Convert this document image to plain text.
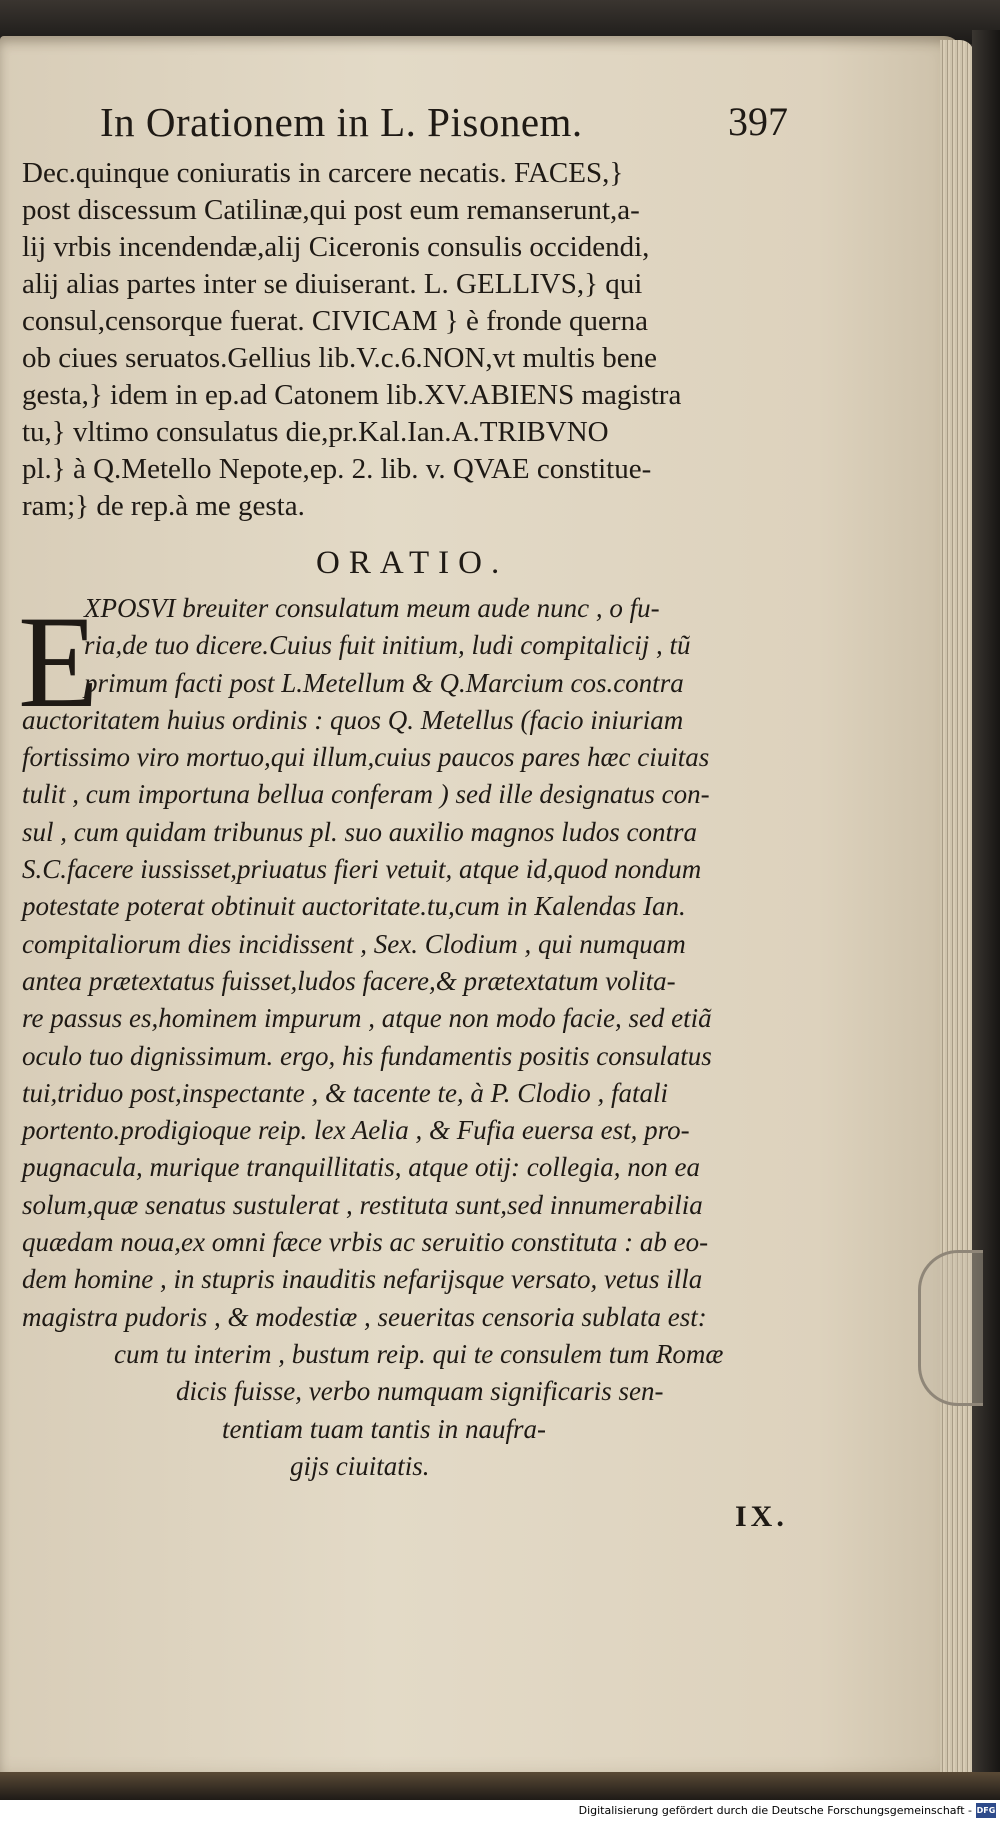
In Orationem in L. Pisonem.	397
Dec.quinque coniuratis in carcere necatis. FACES,}
post discessum Catilinæ,qui post eum remanserunt,a-
lij vrbis incendendæ,alij Ciceronis consulis occidendi,
alij alias partes inter se diuiserant. L. GELLIVS,} qui
consul,censorque fuerat. CIVICAM } è fronde querna
ob ciues seruatos.Gellius lib.V.c.6.NON,vt multis bene
gesta,} idem in ep.ad Catonem lib.XV.ABIENS magistra
tu,} vltimo consulatus die,pr.Kal.Ian.A.TRIBVNO
pl.} à Q.Metello Nepote,ep. 2. lib. v. QVAE constitue-
ram;} de rep.à me gesta.
ORATIO.
E
XPOSVI breuiter consulatum meum aude nunc , o fu-
ria,de tuo dicere.Cuius fuit initium, ludi compitalicij , tũ
primum facti post L.Metellum & Q.Marcium cos.contra
auctoritatem huius ordinis : quos Q. Metellus (facio iniuriam
fortissimo viro mortuo,qui illum,cuius paucos pares hæc ciuitas
tulit , cum importuna bellua conferam ) sed ille designatus con-
sul , cum quidam tribunus pl. suo auxilio magnos ludos contra
S.C.facere iussisset,priuatus fieri vetuit, atque id,quod nondum
potestate poterat obtinuit auctoritate.tu,cum in Kalendas Ian.
compitaliorum dies incidissent , Sex. Clodium , qui numquam
antea prætextatus fuisset,ludos facere,& prætextatum volita-
re passus es,hominem impurum , atque non modo facie, sed etiã
oculo tuo dignissimum. ergo, his fundamentis positis consulatus
tui,triduo post,inspectante , & tacente te, à P. Clodio , fatali
portento.prodigioque reip. lex Aelia , & Fufia euersa est, pro-
pugnacula, murique tranquillitatis, atque otij: collegia, non ea
solum,quæ senatus sustulerat , restituta sunt,sed innumerabilia
quædam noua,ex omni fæce vrbis ac seruitio constituta : ab eo-
dem homine , in stupris inauditis nefarijsque versato, vetus illa
magistra pudoris , & modestiæ , seueritas censoria sublata est:
cum tu interim , bustum reip. qui te consulem tum Romæ
dicis fuisse, verbo numquam significaris sen-
tentiam tuam tantis in naufra-
gijs ciuitatis.
IX.
Digitalisierung gefördert durch die Deutsche Forschungsgemeinschaft - DFG
